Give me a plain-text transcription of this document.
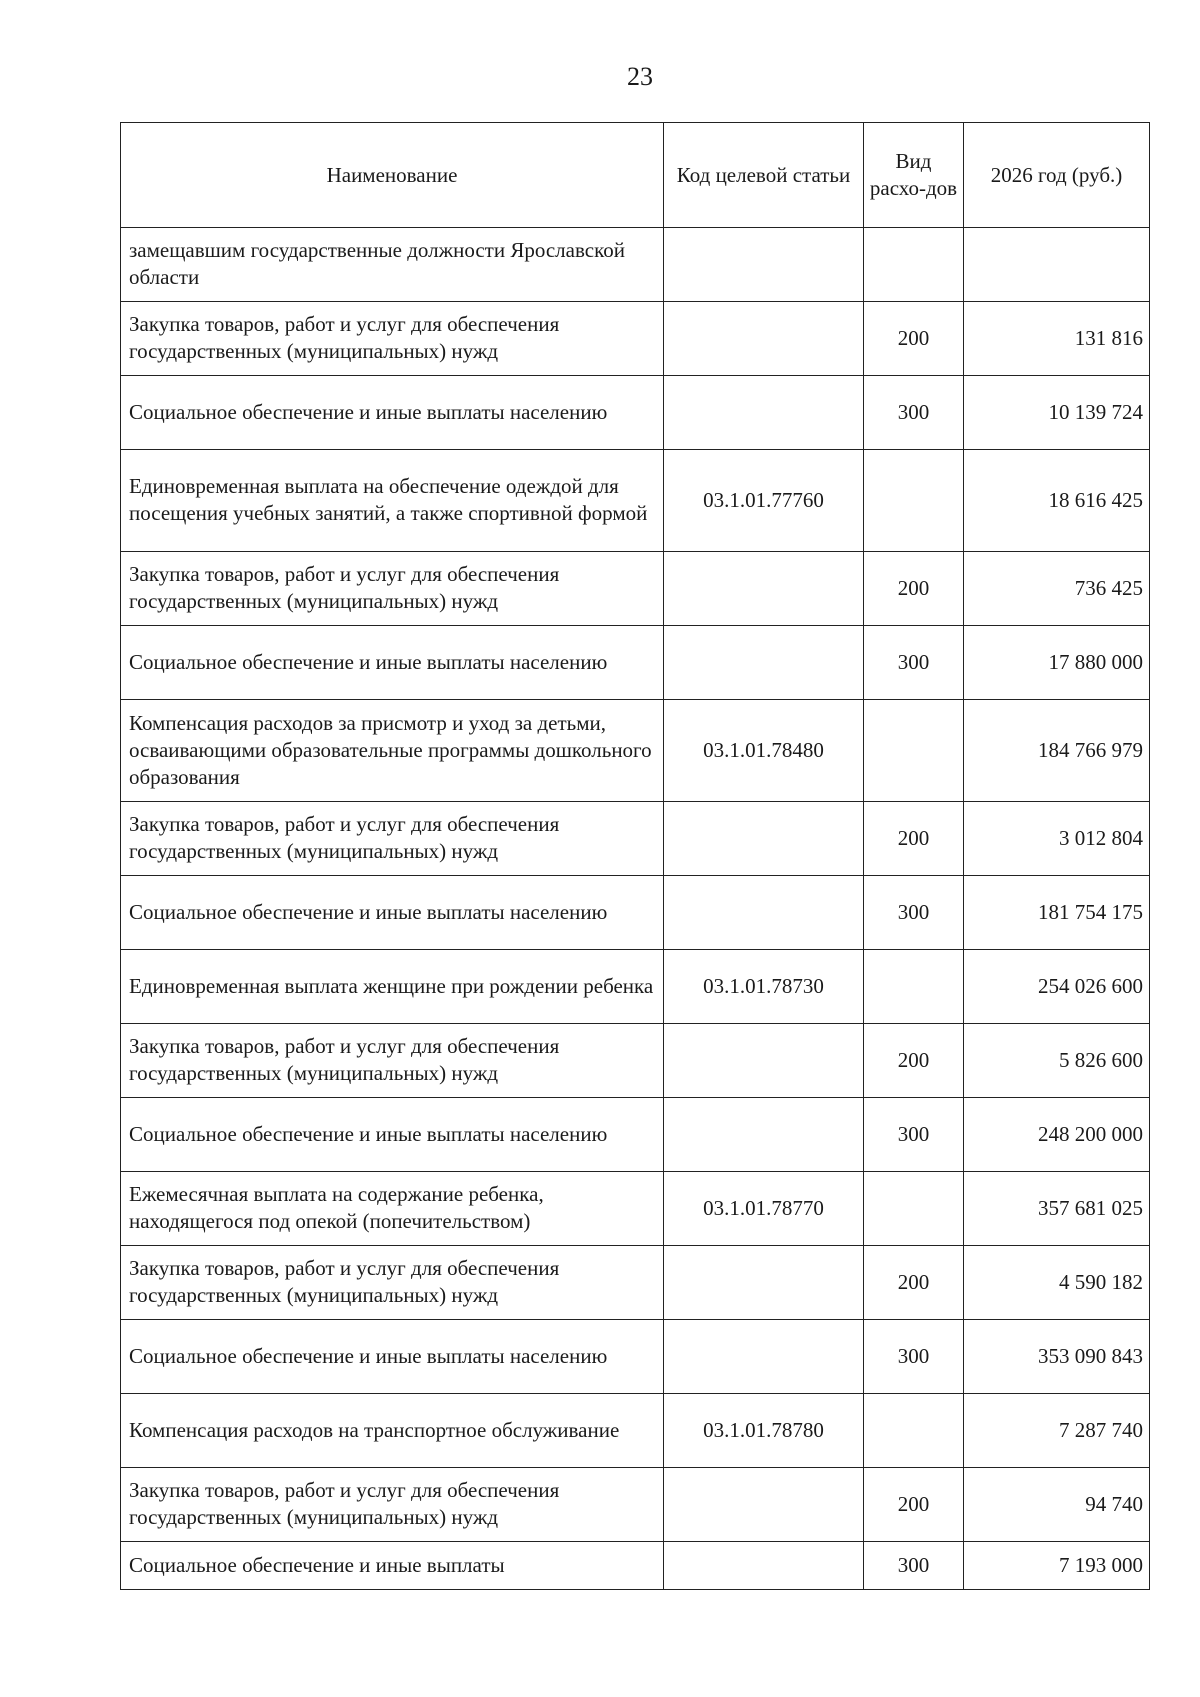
23
Наименование	Код целевой статьи	Вид расхо-дов	2026 год (руб.)
замещавшим государственные должности Ярославской области			
Закупка товаров, работ и услуг для обеспечения государственных (муниципальных) нужд		200	131 816
Социальное обеспечение и иные выплаты населению		300	10 139 724
Единовременная выплата на обеспечение одеждой для посещения учебных занятий, а также спортивной формой	03.1.01.77760		18 616 425
Закупка товаров, работ и услуг для обеспечения государственных (муниципальных) нужд		200	736 425
Социальное обеспечение и иные выплаты населению		300	17 880 000
Компенсация расходов за присмотр и уход за детьми, осваивающими образовательные программы дошкольного образования	03.1.01.78480		184 766 979
Закупка товаров, работ и услуг для обеспечения государственных (муниципальных) нужд		200	3 012 804
Социальное обеспечение и иные выплаты населению		300	181 754 175
Единовременная выплата женщине при рождении ребенка	03.1.01.78730		254 026 600
Закупка товаров, работ и услуг для обеспечения государственных (муниципальных) нужд		200	5 826 600
Социальное обеспечение и иные выплаты населению		300	248 200 000
Ежемесячная выплата на содержание ребенка, находящегося под опекой (попечительством)	03.1.01.78770		357 681 025
Закупка товаров, работ и услуг для обеспечения государственных (муниципальных) нужд		200	4 590 182
Социальное обеспечение и иные выплаты населению		300	353 090 843
Компенсация расходов на транспортное обслуживание	03.1.01.78780		7 287 740
Закупка товаров, работ и услуг для обеспечения государственных (муниципальных) нужд		200	94 740
Социальное обеспечение и иные выплаты		300	7 193 000
